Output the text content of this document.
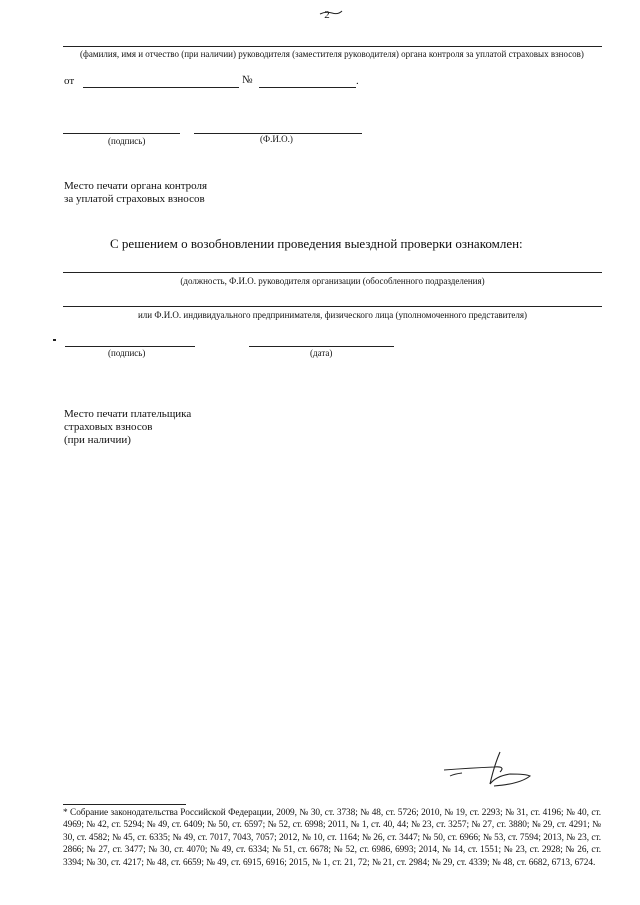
2
(фамилия, имя и отчество (при наличии) руководителя (заместителя руководителя) органа контроля за уплатой страховых взносов)
от	№	.
(подпись)	(Ф.И.О.)
Место печати органа контроля
за уплатой страховых взносов
С решением о возобновлении проведения выездной проверки ознакомлен:
(должность, Ф.И.О. руководителя организации (обособленного подразделения)
или Ф.И.О. индивидуального предпринимателя, физического лица (уполномоченного представителя)
(подпись)	(дата)
Место печати плательщика
страховых взносов
(при наличии)
* Собрание законодательства Российской Федерации, 2009, № 30, ст. 3738; № 48, ст. 5726; 2010, № 19, ст. 2293; № 31, ст. 4196; № 40, ст. 4969; № 42, ст. 5294; № 49, ст. 6409; № 50, ст. 6597; № 52, ст. 6998; 2011, № 1, ст. 40, 44; № 23, ст. 3257; № 27, ст. 3880; № 29, ст. 4291; № 30, ст. 4582; № 45, ст. 6335; № 49, ст. 7017, 7043, 7057; 2012, № 10, ст. 1164; № 26, ст. 3447; № 50, ст. 6966; № 53, ст. 7594; 2013, № 23, ст. 2866; № 27, ст. 3477; № 30, ст. 4070; № 49, ст. 6334; № 51, ст. 6678; № 52, ст. 6986, 6993; 2014, № 14, ст. 1551; № 23, ст. 2928; № 26, ст. 3394; № 30, ст. 4217; № 48, ст. 6659; № 49, ст. 6915, 6916; 2015, № 1, ст. 21, 72; № 21, ст. 2984; № 29, ст. 4339; № 48, ст. 6682, 6713, 6724.
